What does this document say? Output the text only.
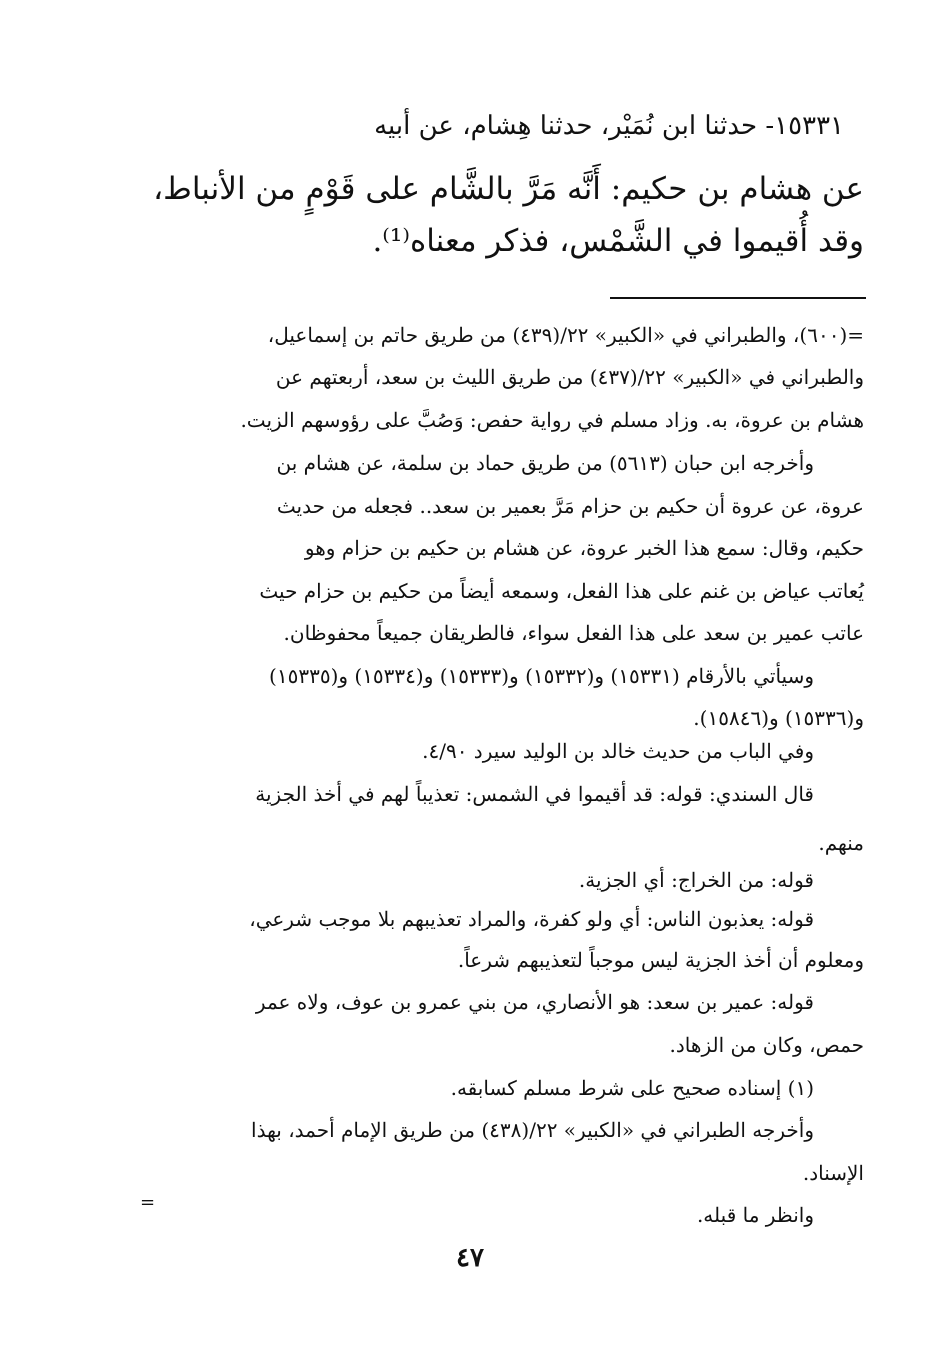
١٥٣٣١- حدثنا ابن نُمَيْر، حدثنا هِشام، عن أبيه
عن هشام بن حكيم: أَنَّه مَرَّ بالشَّام على قَوْمٍ من الأنباط،
وقد أُقيموا في الشَّمْس، فذكر معناه⁽¹⁾.
=(٦٠٠)، والطبراني في «الكبير» ٢٢/(٤٣٩) من طريق حاتم بن إسماعيل،
والطبراني في «الكبير» ٢٢/(٤٣٧) من طريق الليث بن سعد، أربعتهم عن
هشام بن عروة، به. وزاد مسلم في رواية حفص: وَصُبَّ على رؤوسهم الزيت.
وأخرجه ابن حبان (٥٦١٣) من طريق حماد بن سلمة، عن هشام بن
عروة، عن عروة أن حكيم بن حزام مَرَّ بعمير بن سعد.. فجعله من حديث
حكيم، وقال: سمع هذا الخبر عروة، عن هشام بن حكيم بن حزام وهو
يُعاتب عياض بن غنم على هذا الفعل، وسمعه أيضاً من حكيم بن حزام حيث
عاتب عمير بن سعد على هذا الفعل سواء، فالطريقان جميعاً محفوظان.
وسيأتي بالأرقام (١٥٣٣١) و(١٥٣٣٢) و(١٥٣٣٣) و(١٥٣٣٤) و(١٥٣٣٥)
و(١٥٣٣٦) و(١٥٨٤٦).
وفي الباب من حديث خالد بن الوليد سيرد ٤/٩٠.
قال السندي: قوله: قد أقيموا في الشمس: تعذيباً لهم في أخذ الجزية
منهم.
قوله: من الخراج: أي الجزية.
قوله: يعذبون الناس: أي ولو كفرة، والمراد تعذيبهم بلا موجب شرعي،
ومعلوم أن أخذ الجزية ليس موجباً لتعذيبهم شرعاً.
قوله: عمير بن سعد: هو الأنصاري، من بني عمرو بن عوف، ولاه عمر
حمص، وكان من الزهاد.
(١) إسناده صحيح على شرط مسلم كسابقه.
وأخرجه الطبراني في «الكبير» ٢٢/(٤٣٨) من طريق الإمام أحمد، بهذا
الإسناد.
وانظر ما قبله.
=
٤٧
